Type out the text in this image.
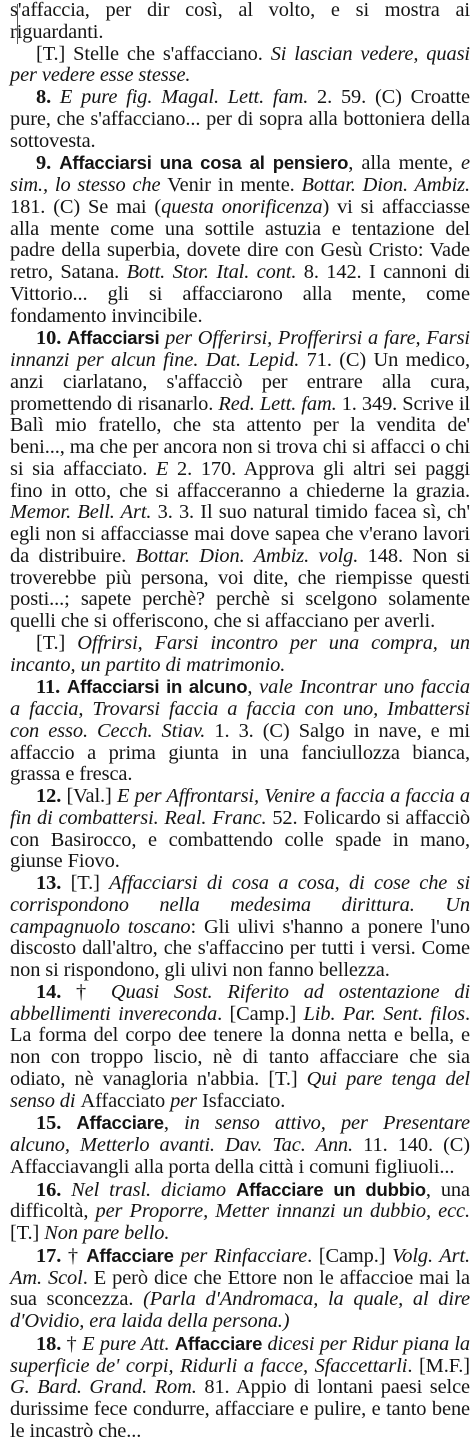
s'affaccia, per dir così, al volto, e si mostra ai riguardanti.

[T.] Stelle che s'affacciano. Si lascian vedere, quasi per vedere esse stesse.

8. E pure fig. Magal. Lett. fam. 2. 59. (C) Croatte pure, che s'affacciano... per di sopra alla bottoniera della sottovesta.

9. Affacciarsi una cosa al pensiero, alla mente, e sim., lo stesso che Venir in mente. Bottar. Dion. Ambiz. 181. (C) Se mai (questa onorificenza) vi si affacciasse alla mente come una sottile astuzia e tentazione del padre della superbia, dovete dire con Gesù Cristo: Vade retro, Satana. Bott. Stor. Ital. cont. 8. 142. I cannoni di Vittorio... gli si affacciarono alla mente, come fondamento invincibile.

10. Affacciarsi per Offerirsi, Profferirsi a fare, Farsi innanzi per alcun fine. Dat. Lepid. 71. (C) Un medico, anzi ciarlatano, s'affacciò per entrare alla cura, promettendo di risanarlo. Red. Lett. fam. 1. 349. Scrive il Balì mio fratello, che sta attento per la vendita de' beni..., ma che per ancora non si trova chi si affacci o chi si sia affacciato. E 2. 170. Approva gli altri sei paggi fino in otto, che si affacceranno a chiederne la grazia. Memor. Bell. Art. 3. 3. Il suo natural timido facea sì, ch' egli non si affacciasse mai dove sapea che v'erano lavori da distribuire. Bottar. Dion. Ambiz. volg. 148. Non si troverebbe più persona, voi dite, che riempisse questi posti...; sapete perchè? perchè si scelgono solamente quelli che si offeriscono, che si affacciano per averli.

[T.] Offrirsi, Farsi incontro per una compra, un incanto, un partito di matrimonio.

11. Affacciarsi in alcuno, vale Incontrar uno faccia a faccia, Trovarsi faccia a faccia con uno, Imbattersi con esso. Cecch. Stiav. 1. 3. (C) Salgo in nave, e mi affaccio a prima giunta in una fanciullozza bianca, grassa e fresca.

12. [Val.] E per Affrontarsi, Venire a faccia a faccia a fin di combattersi. Real. Franc. 52. Folicardo si affacciò con Basirocco, e combattendo colle spade in mano, giunse Fiovo.

13. [T.] Affacciarsi di cosa a cosa, di cose che si corrispondono nella medesima dirittura. Un campagnuolo toscano: Gli ulivi s'hanno a ponere l'uno discosto dall'altro, che s'affaccino per tutti i versi. Come non si rispondono, gli ulivi non fanno bellezza.

14. † Quasi Sost. Riferito ad ostentazione di abbellimenti invereconda. [Camp.] Lib. Par. Sent. filos. La forma del corpo dee tenere la donna netta e bella, e non con troppo liscio, nè di tanto affacciare che sia odiato, nè vanagloria n'abbia. [T.] Qui pare tenga del senso di Affacciato per Isfacciato.

15. Affacciare, in senso attivo, per Presentare alcuno, Metterlo avanti. Dav. Tac. Ann. 11. 140. (C) Affacciavangli alla porta della città i comuni figliuoli...

16. Nel trasl. diciamo Affacciare un dubbio, una difficoltà, per Proporre, Metter innanzi un dubbio, ecc. [T.] Non pare bello.

17. † Affacciare per Rinfacciare. [Camp.] Volg. Art. Am. Scol. E però dice che Ettore non le affaccioe mai la sua sconcezza. (Parla d'Andromaca, la quale, al dire d'Ovidio, era laida della persona.)

18. † E pure Att. Affacciare dicesi per Ridur piana la superficie de' corpi, Ridurli a facce, Sfaccettarli. [M.F.] G. Bard. Grand. Rom. 81. Appio di lontani paesi selce durissime fece condurre, affacciare e pulire, e tanto bene le incastrò che...
